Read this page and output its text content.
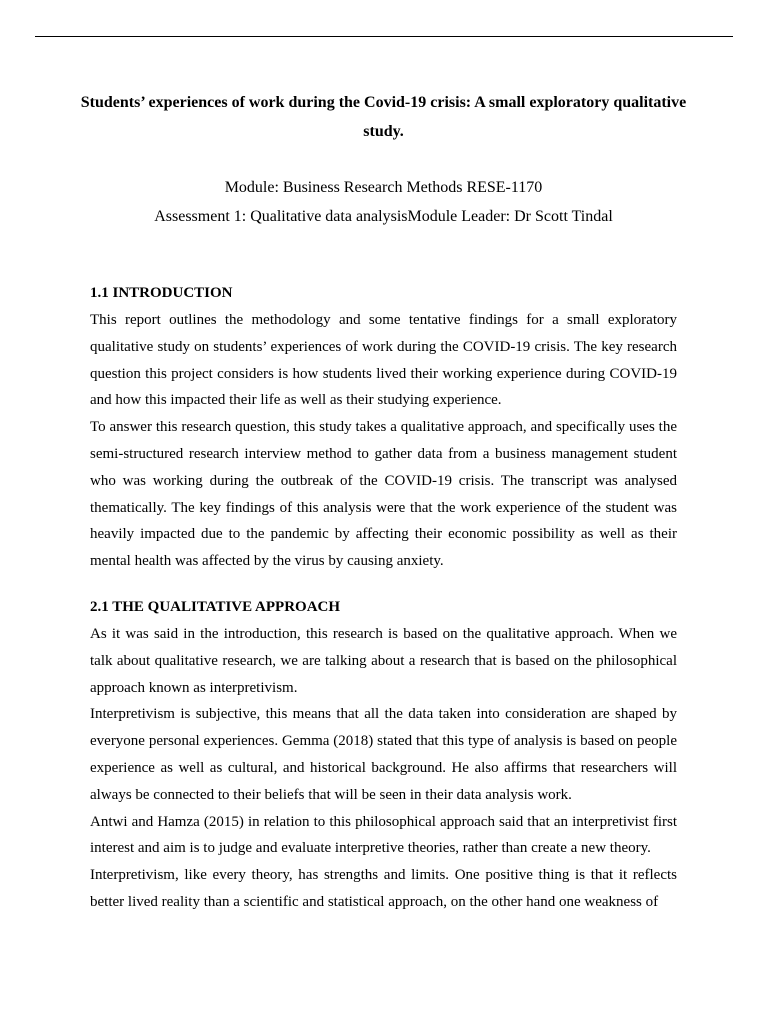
Students’ experiences of work during the Covid-19 crisis: A small exploratory qualitative study.
Module: Business Research Methods RESE-1170
Assessment 1: Qualitative data analysisModule Leader: Dr Scott Tindal
1.1 INTRODUCTION

This report outlines the methodology and some tentative findings for a small exploratory qualitative study on students’ experiences of work during the COVID-19 crisis. The key research question this project considers is how students lived their working experience during COVID-19 and how this impacted their life as well as their studying experience.

To answer this research question, this study takes a qualitative approach, and specifically uses the semi-structured research interview method to gather data from a business management student who was working during the outbreak of the COVID-19 crisis. The transcript was analysed thematically. The key findings of this analysis were that the work experience of the student was heavily impacted due to the pandemic by affecting their economic possibility as well as their mental health was affected by the virus by causing anxiety.

2.1 THE QUALITATIVE APPROACH

As it was said in the introduction, this research is based on the qualitative approach. When we talk about qualitative research, we are talking about a research that is based on the philosophical approach known as interpretivism.

Interpretivism is subjective, this means that all the data taken into consideration are shaped by everyone personal experiences. Gemma (2018) stated that this type of analysis is based on people experience as well as cultural, and historical background. He also affirms that researchers will always be connected to their beliefs that will be seen in their data analysis work.

Antwi and Hamza (2015) in relation to this philosophical approach said that an interpretivist first interest and aim is to judge and evaluate interpretive theories, rather than create a new theory.

Interpretivism, like every theory, has strengths and limits. One positive thing is that it reflects better lived reality than a scientific and statistical approach, on the other hand one weakness of
